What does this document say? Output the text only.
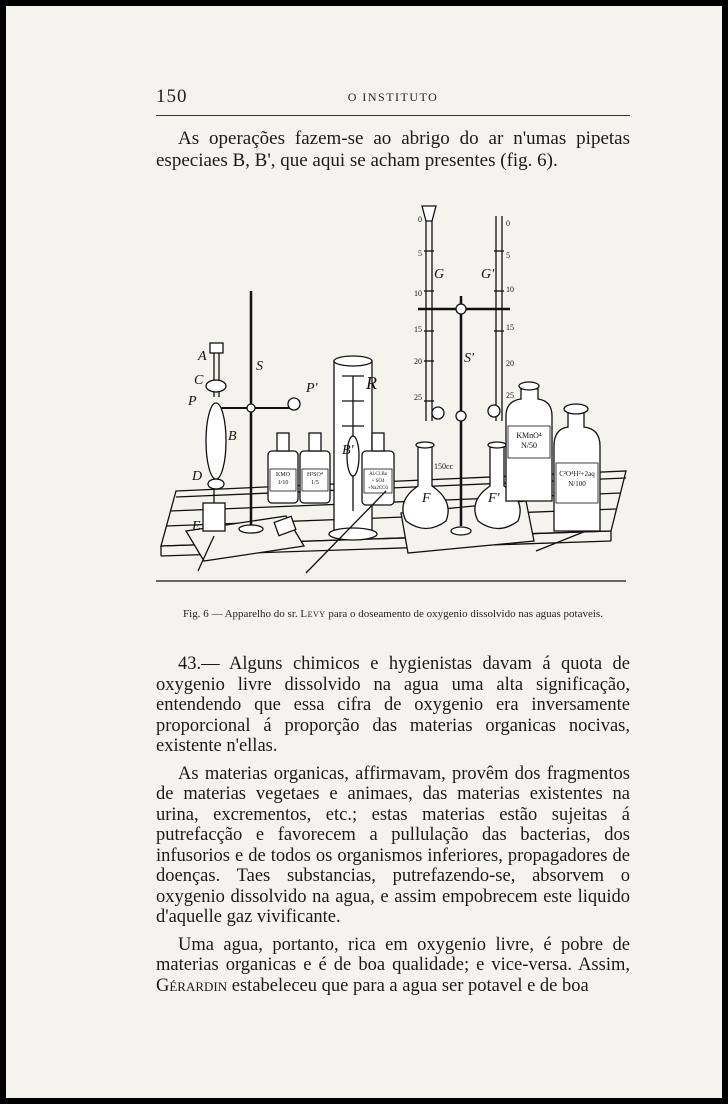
150	O INSTITUTO

As operações fazem-se ao abrigo do ar n'umas pipetas especiaes B, B', que aqui se acham presentes (fig. 6).

A
C
P
B
D
E
S
P'	R
B'
G	G'
S'
F	F'
0
5
10
15
20
25
0
5
10
15
20
25
KMO
1/10
H²SO⁴
1/5
Al.Cl.Ba
+ SO4 +Na2CO3
KMnO⁴
N/50
C²O⁴H²+2aq
N/100
150cc
Fig. 6 — Apparelho do sr. Levy para o doseamento de oxygenio dissolvido nas aguas potaveis.

43.— Alguns chimicos e hygienistas davam á quota de oxygenio livre dissolvido na agua uma alta significação, entendendo que essa cifra de oxygenio era inversamente proporcional á proporção das materias organicas nocivas, existente n'ellas.

As materias organicas, affirmavam, provêm dos fragmentos de materias vegetaes e animaes, das materias existentes na urina, excrementos, etc.; estas materias estão sujeitas á putrefacção e favorecem a pullulação das bacterias, dos infusorios e de todos os organismos inferiores, propagadores de doenças. Taes substancias, putrefazendo-se, absorvem o oxygenio dissolvido na agua, e assim empobrecem este liquido d'aquelle gaz vivificante.

Uma agua, portanto, rica em oxygenio livre, é pobre de materias organicas e é de boa qualidade; e vice-versa. Assim, Gérardin estabeleceu que para a agua ser potavel e de boa
